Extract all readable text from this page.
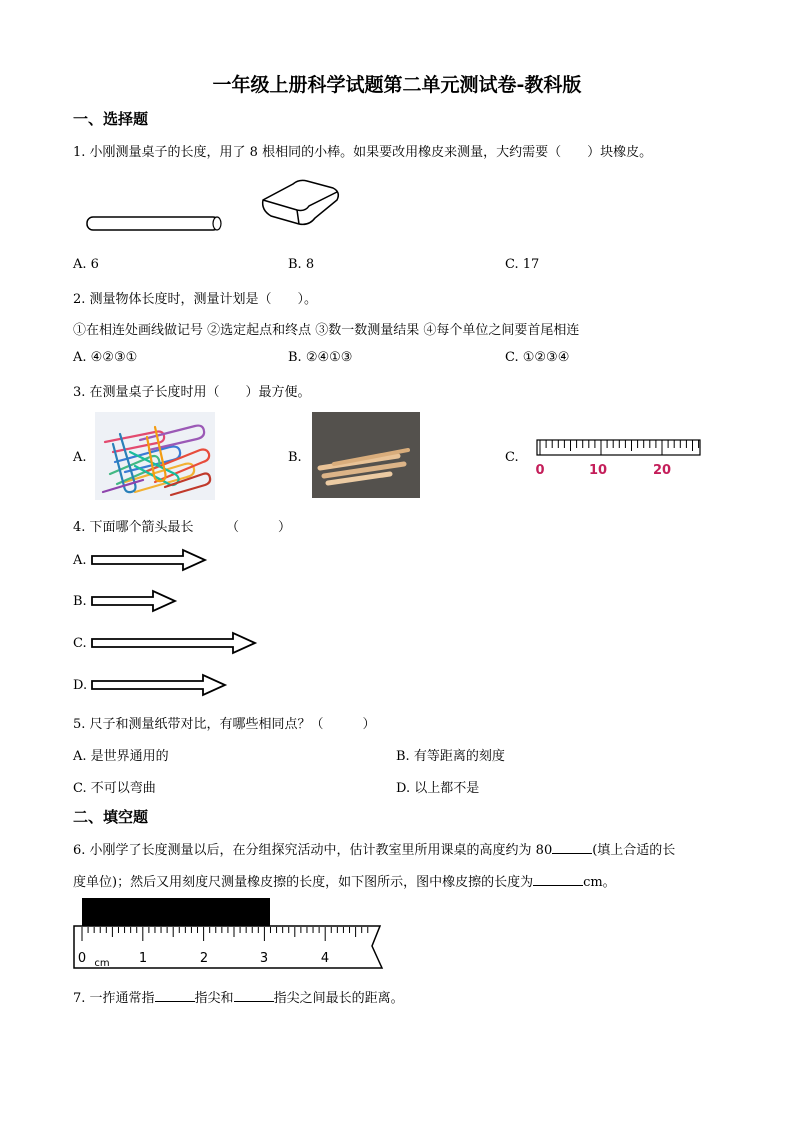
一年级上册科学试题第二单元测试卷-教科版
一、选择题
1. 小刚测量桌子的长度，用了 8 根相同的小棒。如果要改用橡皮来测量，大约需要（　　）块橡皮。
A. 6	B. 8	C. 17
2. 测量物体长度时，测量计划是（　　）。
①在相连处画线做记号 ②选定起点和终点 ③数一数测量结果 ④每个单位之间要首尾相连
A. ④②③①	B. ②④①③	C. ①②③④
3. 在测量桌子长度时用（　　）最方便。
A.	B.	C.
0	10	20
4. 下面哪个箭头最长　　　（　　　）
A.
B.
C.
D.
5. 尺子和测量纸带对比，有哪些相同点？（　　　）
A. 是世界通用的	B. 有等距离的刻度
C. 不可以弯曲	D. 以上都不是
二、填空题
6. 小刚学了长度测量以后，在分组探究活动中，估计教室里所用课桌的高度约为 80	(填上合适的长
度单位)；然后又用刻度尺测量橡皮擦的长度，如下图所示，图中橡皮擦的长度为	cm。
0 cm 1	2	3	4
7. 一拃通常指	指尖和	指尖之间最长的距离。
